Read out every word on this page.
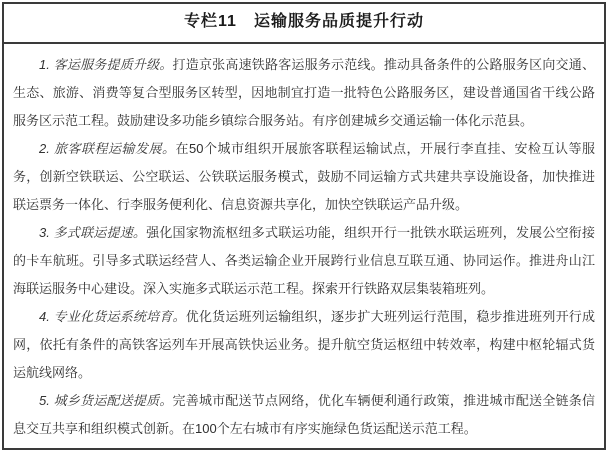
专栏11　运输服务品质提升行动

1. 客运服务提质升级。打造京张高速铁路客运服务示范线。推动具备条件的公路服务区向交通、生态、旅游、消费等复合型服务区转型，因地制宜打造一批特色公路服务区，建设普通国省干线公路服务区示范工程。鼓励建设多功能乡镇综合服务站。有序创建城乡交通运输一体化示范县。

2. 旅客联程运输发展。在50个城市组织开展旅客联程运输试点，开展行李直挂、安检互认等服务，创新空铁联运、公空联运、公铁联运服务模式，鼓励不同运输方式共建共享设施设备，加快推进联运票务一体化、行李服务便利化、信息资源共享化，加快空铁联运产品升级。

3. 多式联运提速。强化国家物流枢纽多式联运功能，组织开行一批铁水联运班列，发展公空衔接的卡车航班。引导多式联运经营人、各类运输企业开展跨行业信息互联互通、协同运作。推进舟山江海联运服务中心建设。深入实施多式联运示范工程。探索开行铁路双层集装箱班列。

4. 专业化货运系统培育。优化货运班列运输组织，逐步扩大班列运行范围，稳步推进班列开行成网，依托有条件的高铁客运列车开展高铁快运业务。提升航空货运枢纽中转效率，构建中枢轮辐式货运航线网络。

5. 城乡货运配送提质。完善城市配送节点网络，优化车辆便利通行政策，推进城市配送全链条信息交互共享和组织模式创新。在100个左右城市有序实施绿色货运配送示范工程。
